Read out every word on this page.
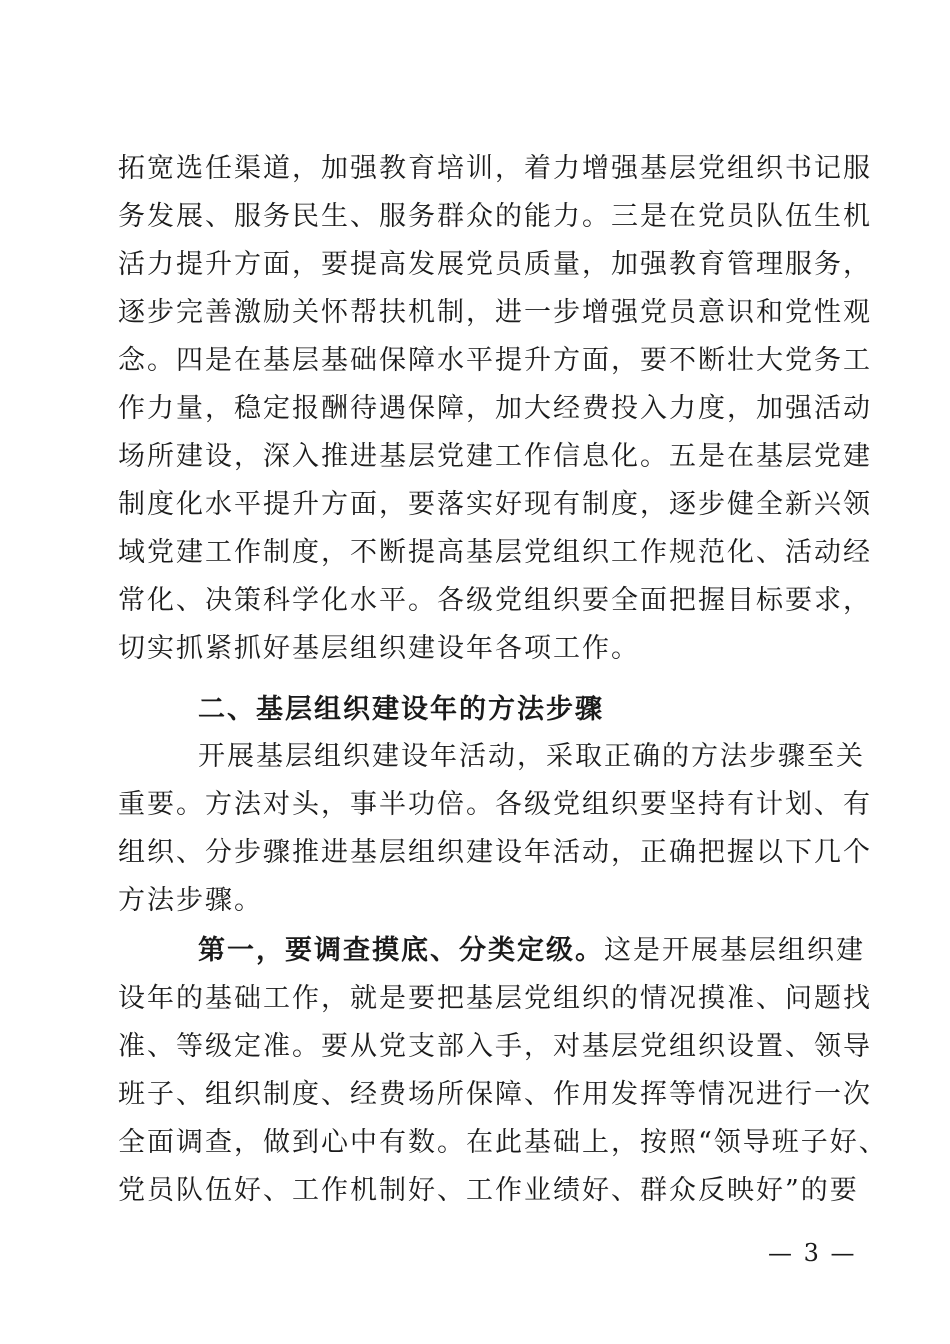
拓宽选任渠道，加强教育培训，着力增强基层党组织书记服

务发展、服务民生、服务群众的能力。三是在党员队伍生机

活力提升方面，要提高发展党员质量，加强教育管理服务，

逐步完善激励关怀帮扶机制，进一步增强党员意识和党性观

念。四是在基层基础保障水平提升方面，要不断壮大党务工

作力量，稳定报酬待遇保障，加大经费投入力度，加强活动

场所建设，深入推进基层党建工作信息化。五是在基层党建

制度化水平提升方面，要落实好现有制度，逐步健全新兴领

域党建工作制度，不断提高基层党组织工作规范化、活动经

常化、决策科学化水平。各级党组织要全面把握目标要求，

切实抓紧抓好基层组织建设年各项工作。

二、基层组织建设年的方法步骤

开展基层组织建设年活动，采取正确的方法步骤至关

重要。方法对头，事半功倍。各级党组织要坚持有计划、有

组织、分步骤推进基层组织建设年活动，正确把握以下几个

方法步骤。

第一，要调查摸底、分类定级。这是开展基层组织建

设年的基础工作，就是要把基层党组织的情况摸准、问题找

准、等级定准。要从党支部入手，对基层党组织设置、领导

班子、组织制度、经费场所保障、作用发挥等情况进行一次

全面调查，做到心中有数。在此基础上，按照“领导班子好、

党员队伍好、工作机制好、工作业绩好、群众反映好”的要

— 3 —
